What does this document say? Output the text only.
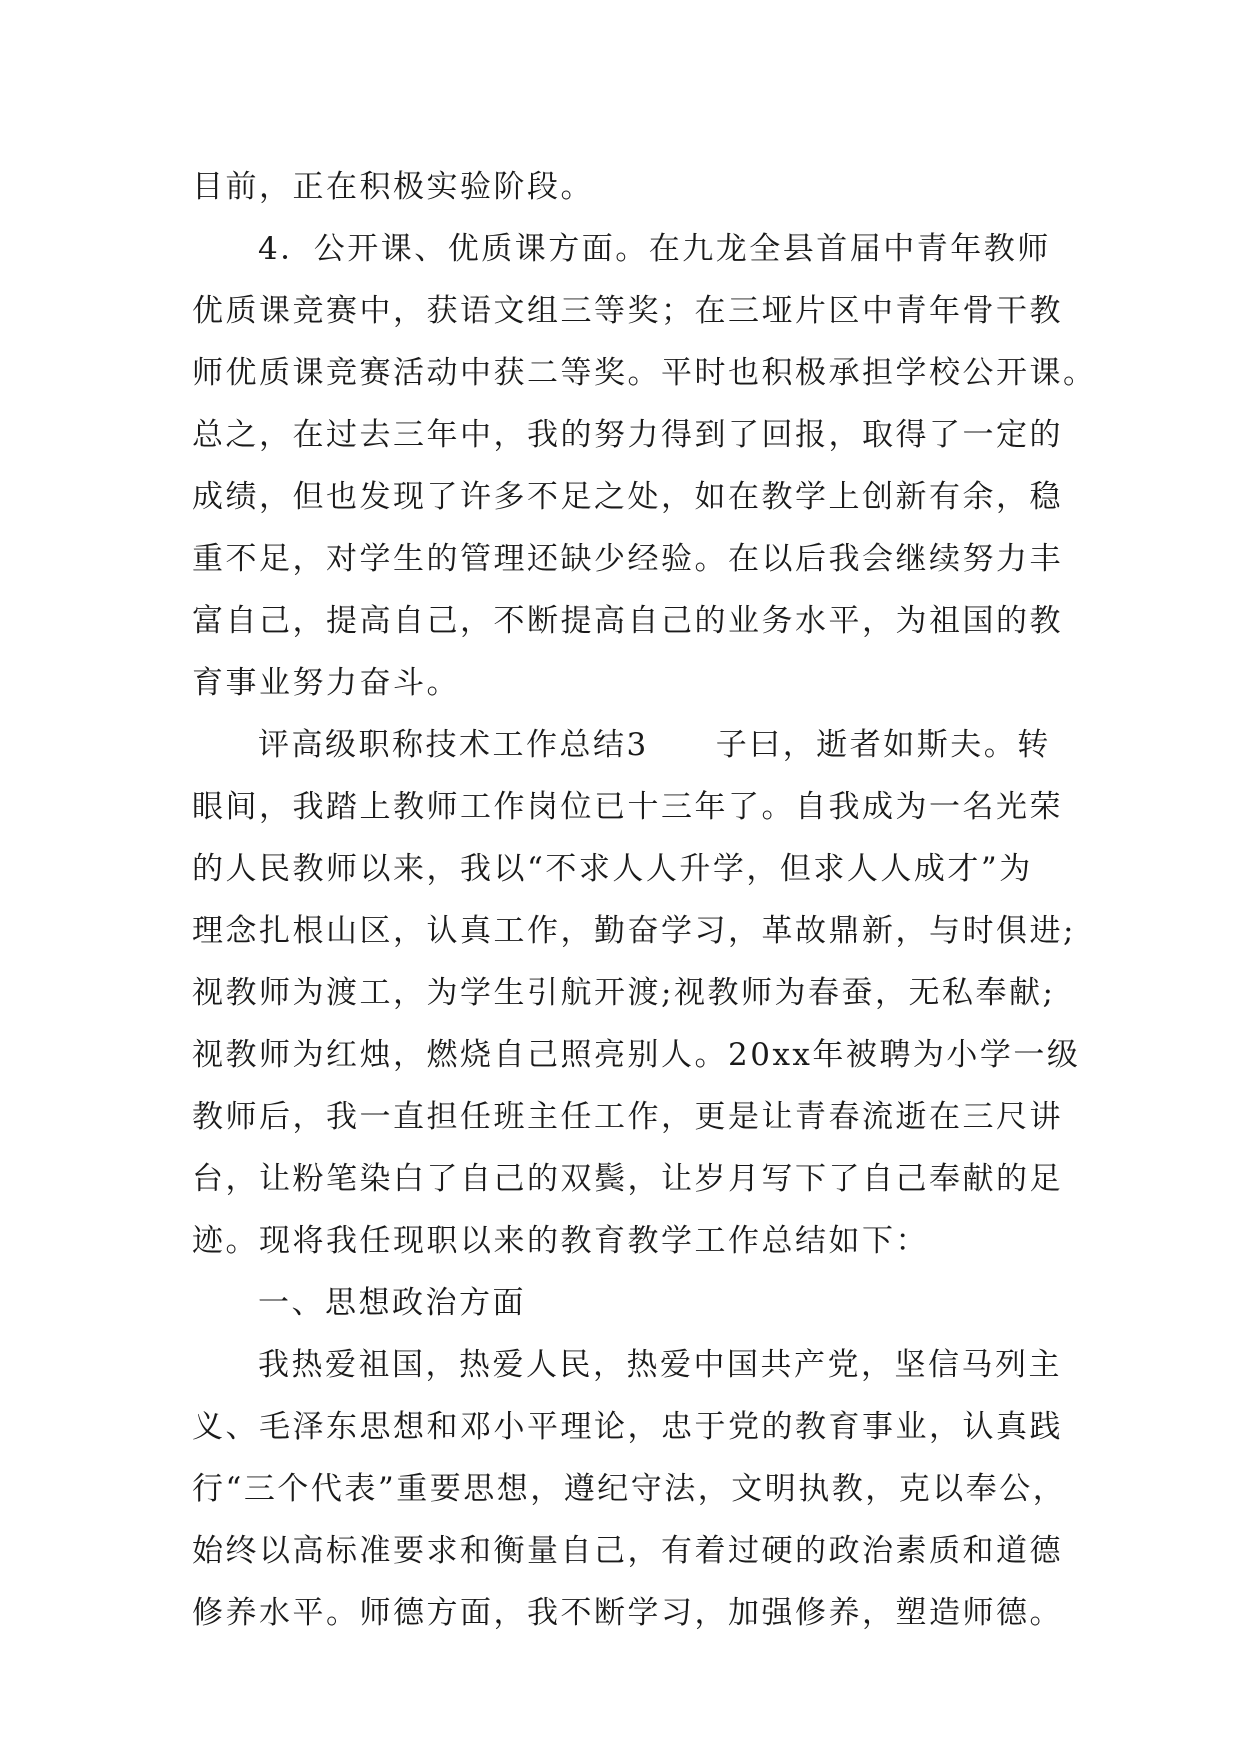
目前，正在积极实验阶段。

4．公开课、优质课方面。在九龙全县首届中青年教师
优质课竞赛中，获语文组三等奖；在三垭片区中青年骨干教
师优质课竞赛活动中获二等奖。平时也积极承担学校公开课。
总之，在过去三年中，我的努力得到了回报，取得了一定的
成绩，但也发现了许多不足之处，如在教学上创新有余，稳
重不足，对学生的管理还缺少经验。在以后我会继续努力丰
富自己，提高自己，不断提高自己的业务水平，为祖国的教
育事业努力奋斗。

评高级职称技术工作总结3　　子曰，逝者如斯夫。转
眼间，我踏上教师工作岗位已十三年了。自我成为一名光荣
的人民教师以来，我以“不求人人升学，但求人人成才”为
理念扎根山区，认真工作，勤奋学习，革故鼎新，与时俱进;
视教师为渡工，为学生引航开渡;视教师为春蚕，无私奉献;
视教师为红烛，燃烧自己照亮别人。20xx年被聘为小学一级
教师后，我一直担任班主任工作，更是让青春流逝在三尺讲
台，让粉笔染白了自己的双鬓，让岁月写下了自己奉献的足
迹。现将我任现职以来的教育教学工作总结如下：

一、思想政治方面

我热爱祖国，热爱人民，热爱中国共产党，坚信马列主
义、毛泽东思想和邓小平理论，忠于党的教育事业，认真践
行“三个代表”重要思想，遵纪守法，文明执教，克以奉公，
始终以高标准要求和衡量自己，有着过硬的政治素质和道德
修养水平。师德方面，我不断学习，加强修养，塑造师德。
